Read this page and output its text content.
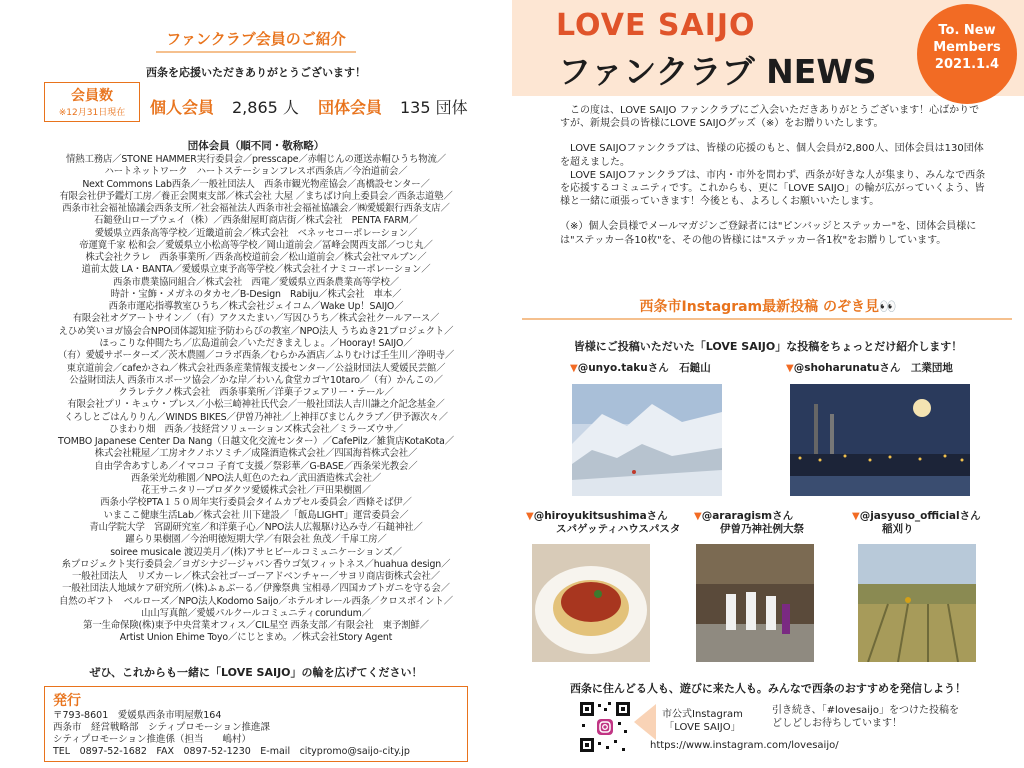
ファンクラブ会員のご紹介
西条を応援いただきありがとうございます！
会員数
※12月31日現在	個人会員 2,865 人 団体会員 135 団体
団体会員（順不同・敬称略）
情熱工務店／STONE HAMMER実行委員会／presscape／赤帽じんの運送赤帽ひうち物流／
ハートネットワーク　ハートステーションフレスポ西条店／今治道前会／
Next Commons Lab西条／一般社団法人　西条市観光物産協会／髙橋設センター／
有限会社伊予鑑灯工房／養正会関東支部／株式会社 大屋 ／まちばけ向上委員会／西条志道塾／
西条市社会福祉協議会西条支所／社会福祉法人西条市社会福祉協議会／㈱愛媛銀行西条支店／
石鎚登山ロープウェイ（株）／西条紺屋町商店街／株式会社　PENTA FARM／
愛媛県立西条高等学校／近畿道前会／株式会社　ベネッセコーポレーション／
帝運寛千家 松和会／愛媛県立小松高等学校／岡山道前会／冨峰会関西支部／つじ丸／
株式会社クラレ　西条事業所／西条高校道前会／松山道前会／株式会社マルブン／
道前太鼓 LA・BANTA／愛媛県立東予高等学校／株式会社イナミコーポレーション／
西条市農業協同組合／株式会社　西電／愛媛県立西条農業高等学校／
時計・宝飾・メガネのタカセ／B-Design　Rabiju／株式会社　車本／
西条市運応指導教室ひうち／株式会社ジェイコム／Wake Up！SAIJO／
有限会社オグアートサイン／（有）アクスたまい／写因ひうち／株式会社クールアース／
えひめ笑いヨガ協会合NPO団体認知症予防わらびの教室／NPO法人 うちぬき21プロジェクト／
ほっこりな仲間たち／広島道前会／いただきまえしょ。／Hooray! SAIJO／
（有）愛媛サポーターズ／茨木農園／コラボ西条／むらかみ酒店／ふりむけば壬生川／浄明寺／
東京道前会／cafeかさね／株式会社西条産業情報支援センター／公益財団法人愛媛民芸館／
公益財団法人 西条市スポーツ協会／かな岸／わいん食堂カゴヤ10taro／（有）かんこの／
クラレテクノ株式会社　西条事業所／洋菓子フェアリー・テール／
有限会社プリ・キュウ・プレス／小松三崎神社氏代会／一般社団法人吉川謙之介記念基金／
くろしとごはんりりん／WINDS BIKES／伊曽乃神社／上神拝ぴまじんクラブ／伊予源次々／
ひまわり畑　西条／技経営ソリューションズ株式会社／ミラーズウサ／
TOMBO Japanese Center Da Nang（日越文化交流センター）／CafePilz／雑貨店KotaKota／
株式会社糀屋／工房オクノホソミチ／成隆酒造株式会社／四国海苔株式会社／
自由学舎あすしあ／イマココ 子育て支援／祭彩華／G-BASE／西条栄光教会／
西条栄光幼稚園／NPO法人虹色のたね／武田酒造株式会社／
花王サニタリープロダクツ愛媛株式会社／戸田果樹園／
西条小学校PTA１５０周年実行委員会タイムカプセル委員会／西條そば伊／
いまここ健康生活Lab／株式会社 川下建設／「飯島LIGHT」運営委員会／
青山学院大学　宮副研究室／和洋菓子心／NPO法人広報駆け込み寺／石鎚神社／
躍らり果樹園／今治明徳短期大学／有限会社 魚茂／千扉工房／
soiree musicale 渡辺美月／(株)アサヒビールコミュニケーションズ／
糸プロジェクト実行委員会／ヨガシナジージャパン香ウゴ気フィットネス／huahua design／
一般社団法人　リズカーレ／株式会社ゴーゴーアドベンチャー／サヨリ商店街株式会社／
一般社団法人地域ケア研究所／(株)ふぁぶーる／伊豫祭典 宝相尋／四国カブトガニを守る会／
自然のギフト　ベルローズ／NPO法人Kodomo Saijo／ホテルオレール西条／クロスポイント／
山山写真館／愛媛パルクールコミュニティcorundum／
第一生命保険(株)東予中央営業オフィス／CIL星空 西条支部／有限会社　東予割鮮／
Artist Union Ehime Toyo／にじとまめ。／株式会社Story Agent
ぜひ、これからも一緒に「LOVE SAIJO」の輪を広げてください！
発行
〒793-8601　愛媛県西条市明屋敷164
西条市　経営戦略部　シティプロモーション推進課
シティプロモーション推進係（担当　　嶋村）
TEL　0897-52-1682　FAX　0897-52-1230　E-mail　citypromo@saijo-city.jp
LOVE SAIJO
ファンクラブ NEWS
To. New
Members
2021.1.4

この度は、LOVE SAIJO ファンクラブにご入会いただきありがとうございます！心ばかりですが、新規会員の皆様にLOVE SAIJOグッズ（※）をお贈りいたします。

LOVE SAIJOファンクラブは、皆様の応援のもと、個人会員が2,800人、団体会員は130団体を超えました。

LOVE SAIJOファンクラブは、市内・市外を問わず、西条が好きな人が集まり、みんなで西条を応援するコミュニティです。これからも、更に「LOVE SAIJO」の輪が広がっていくよう、皆様と一緒に頑張っていきます！今後とも、よろしくお願いいたします。

（※）個人会員様でメールマガジンご登録者には"ピンバッジとステッカー"を、団体会員様には"ステッカー各10枚"を、その他の皆様には"ステッカー各1枚"をお贈りしています。

西条市Instagram最新投稿 のぞき見👀
皆様にご投稿いただいた「LOVE SAIJO」な投稿をちょっとだけ紹介します！
▼@unyo.takuさん　 石鎚山	▼@shoharunatuさん　 工業団地
▼@hiroyukitsushimaさん
スパゲッティハウスパスタ
▼@araragismさん
伊曽乃神社例大祭
▼@jasyuso_officialさん
稲刈り
西条に住んどる人も、遊びに来た人も。みんなで西条のおすすめを発信しよう！
市公式Instagram
「LOVE SAIJO」
https://www.instagram.com/lovesaijo/
引き続き、「#lovesaijo」をつけた投稿を
どしどしお待ちしています！
